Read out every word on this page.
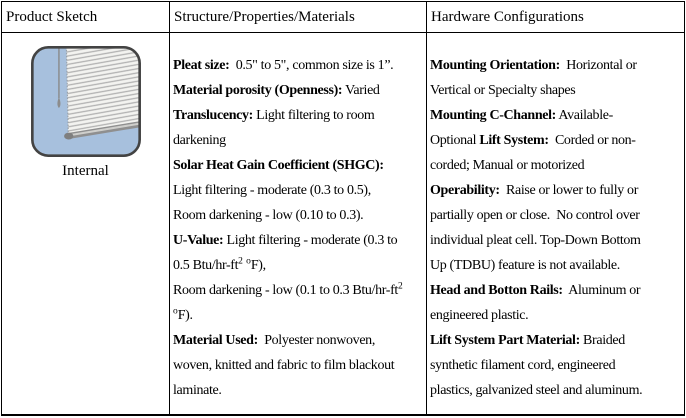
Product Sketch	Structure/Properties/Materials	Hardware Configurations
Internal
Pleat size:  0.5" to 5", common size is 1”.
Material porosity (Openness): Varied
Translucency: Light filtering to room
darkening
Solar Heat Gain Coefficient (SHGC):
Light filtering - moderate (0.3 to 0.5),
Room darkening - low (0.10 to 0.3).
U-Value: Light filtering - moderate (0.3 to
0.5 Btu/$hr-ft^2$ $^o$F),
Room darkening - low (0.1 to 0.3 Btu/$hr-ft^2$
$^o$F).
Material Used:  Polyester nonwoven,
woven, knitted and fabric to film blackout
laminate.
Mounting Orientation:  Horizontal or
Vertical or Specialty shapes
Mounting C-Channel: Available-
Optional Lift System:  Corded or non-
corded; Manual or motorized
Operability:  Raise or lower to fully or
partially open or close.  No control over
individual pleat cell. Top-Down Bottom
Up (TDBU) feature is not available.
Head and Botton Rails:  Aluminum or
engineered plastic.
Lift System Part Material: Braided
synthetic filament cord, engineered
plastics, galvanized steel and aluminum.
